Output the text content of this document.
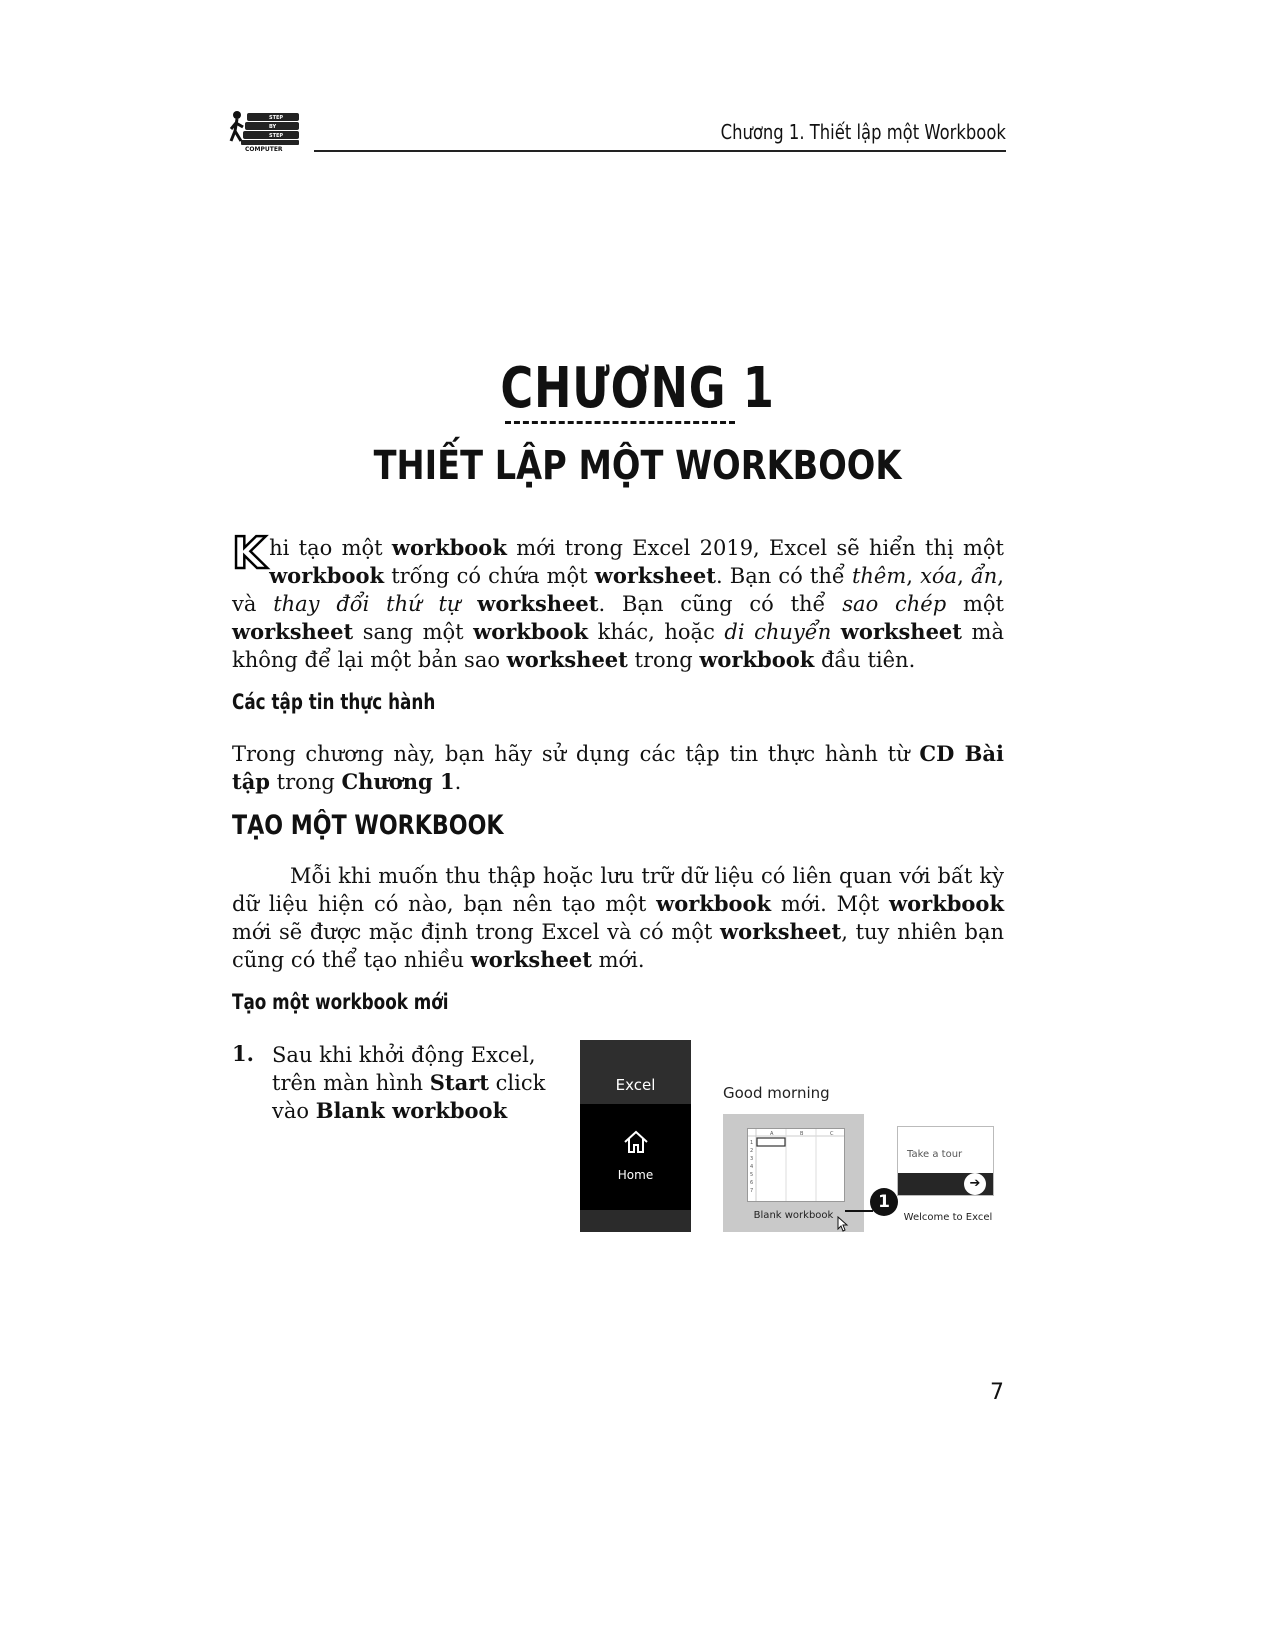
STEP
BY
STEP
COMPUTER
Chương 1. Thiết lập một Workbook
CHƯƠNG 1
THIẾT LẬP MỘT WORKBOOK
K hi tạo một workbook mới trong Excel 2019, Excel sẽ hiển thị một workbook trống có chứa một worksheet. Bạn có thể thêm, xóa, ẩn, và thay đổi thứ tự worksheet. Bạn cũng có thể sao chép một worksheet sang một workbook khác, hoặc di chuyển worksheet mà không để lại một bản sao worksheet trong workbook đầu tiên.
Các tập tin thực hành
Trong chương này, bạn hãy sử dụng các tập tin thực hành từ CD Bài tập trong Chương 1.
TẠO MỘT WORKBOOK
Mỗi khi muốn thu thập hoặc lưu trữ dữ liệu có liên quan với bất kỳ dữ liệu hiện có nào, bạn nên tạo một workbook mới. Một workbook mới sẽ được mặc định trong Excel và có một worksheet, tuy nhiên bạn cũng có thể tạo nhiều worksheet mới.
Tạo một workbook mới
1. Sau khi khởi động Excel, trên màn hình Start click vào Blank workbook
Excel
Home
Good morning
1
2
3
4
5
6
7
A	B	C
Blank workbook
1
Take a tour
➔
Welcome to Excel
7
